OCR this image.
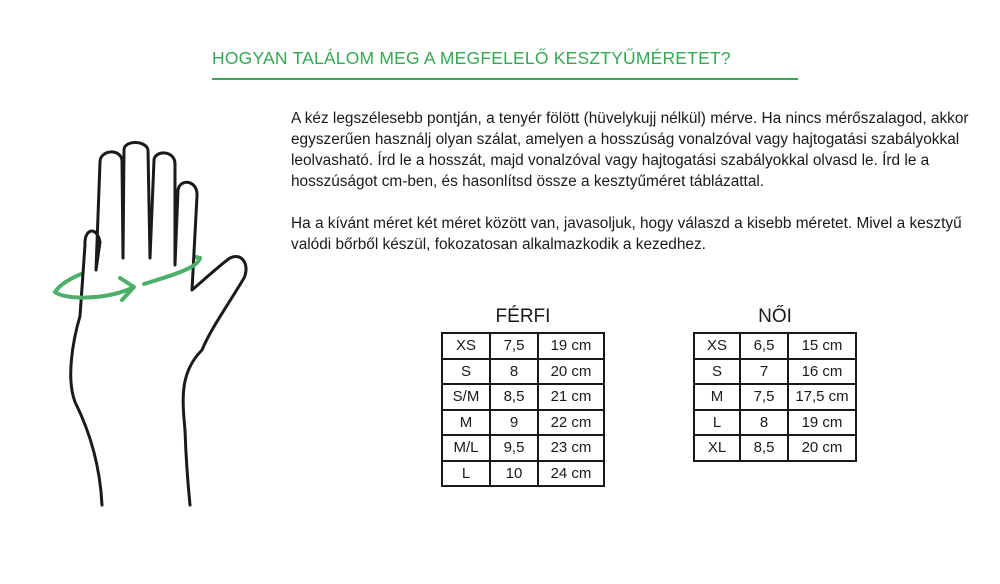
HOGYAN TALÁLOM MEG A MEGFELELŐ KESZTYŰMÉRETET?

A kéz legszélesebb pontján, a tenyér fölött (hüvelykujj nélkül) mérve. Ha nincs mérőszalagod, akkor egyszerűen használj olyan szálat, amelyen a hosszúság vonalzóval vagy hajtogatási szabályokkal leolvasható. Írd le a hosszát, majd vonalzóval vagy hajtogatási szabályokkal olvasd le. Írd le a hosszúságot cm-ben, és hasonlítsd össze a kesztyűméret táblázattal.

Ha a kívánt méret két méret között van, javasoljuk, hogy válaszd a kisebb méretet. Mivel a kesztyű valódi bőrből készül, fokozatosan alkalmazkodik a kezedhez.

FÉRFI
XS	7,5	19 cm
S	8	20 cm
S/M	8,5	21 cm
M	9	22 cm
M/L	9,5	23 cm
L	10	24 cm
NŐI
XS	6,5	15 cm
S	7	16 cm
M	7,5	17,5 cm
L	8	19 cm
XL	8,5	20 cm
